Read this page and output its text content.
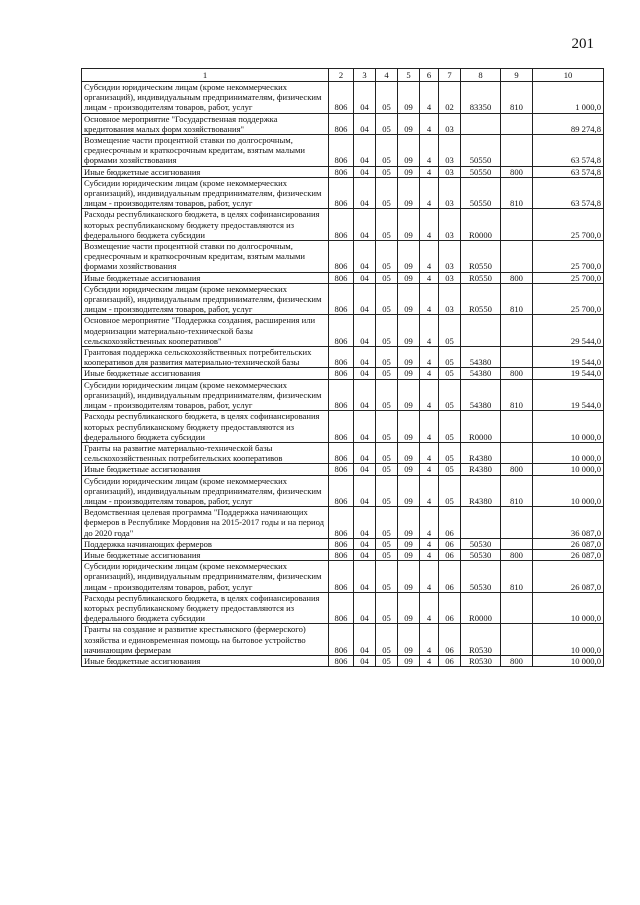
201
1	2	3	4	5	6	7	8	9	10
Субсидии юридическим лицам (кроме некоммерческих организаций), индивидуальным предпринимателям, физическим лицам - производителям товаров, работ, услуг	806	04	05	09	4	02	83350	810	1 000,0
Основное мероприятие "Государственная поддержка кредитования малых форм хозяйствования"	806	04	05	09	4	03			89 274,8
Возмещение части процентной ставки по долгосрочным, среднесрочным и краткосрочным кредитам, взятым малыми формами хозяйствования	806	04	05	09	4	03	50550		63 574,8
Иные бюджетные ассигнования	806	04	05	09	4	03	50550	800	63 574,8
Субсидии юридическим лицам (кроме некоммерческих организаций), индивидуальным предпринимателям, физическим лицам - производителям товаров, работ, услуг	806	04	05	09	4	03	50550	810	63 574,8
Расходы республиканского бюджета, в целях софинансирования которых республиканскому бюджету предоставляются из федерального бюджета субсидии	806	04	05	09	4	03	R0000		25 700,0
Возмещение части процентной ставки по долгосрочным, среднесрочным и краткосрочным кредитам, взятым малыми формами хозяйствования	806	04	05	09	4	03	R0550		25 700,0
Иные бюджетные ассигнования	806	04	05	09	4	03	R0550	800	25 700,0
Субсидии юридическим лицам (кроме некоммерческих организаций), индивидуальным предпринимателям, физическим лицам - производителям товаров, работ, услуг	806	04	05	09	4	03	R0550	810	25 700,0
Основное мероприятие "Поддержка создания, расширения или модернизации материально-технической базы сельскохозяйственных кооперативов"	806	04	05	09	4	05			29 544,0
Грантовая поддержка сельскохозяйственных потребительских кооперативов для развития материально-технической базы	806	04	05	09	4	05	54380		19 544,0
Иные бюджетные ассигнования	806	04	05	09	4	05	54380	800	19 544,0
Субсидии юридическим лицам (кроме некоммерческих организаций), индивидуальным предпринимателям, физическим лицам - производителям товаров, работ, услуг	806	04	05	09	4	05	54380	810	19 544,0
Расходы республиканского бюджета, в целях софинансирования которых республиканскому бюджету предоставляются из федерального бюджета субсидии	806	04	05	09	4	05	R0000		10 000,0
Гранты на развитие материально-технической базы сельскохозяйственных потребительских кооперативов	806	04	05	09	4	05	R4380		10 000,0
Иные бюджетные ассигнования	806	04	05	09	4	05	R4380	800	10 000,0
Субсидии юридическим лицам (кроме некоммерческих организаций), индивидуальным предпринимателям, физическим лицам - производителям товаров, работ, услуг	806	04	05	09	4	05	R4380	810	10 000,0
Ведомственная целевая программа "Поддержка начинающих фермеров в Республике Мордовия на 2015-2017 годы и на период до 2020 года"	806	04	05	09	4	06			36 087,0
Поддержка начинающих фермеров	806	04	05	09	4	06	50530		26 087,0
Иные бюджетные ассигнования	806	04	05	09	4	06	50530	800	26 087,0
Субсидии юридическим лицам (кроме некоммерческих организаций), индивидуальным предпринимателям, физическим лицам - производителям товаров, работ, услуг	806	04	05	09	4	06	50530	810	26 087,0
Расходы республиканского бюджета, в целях софинансирования которых республиканскому бюджету предоставляются из федерального бюджета субсидии	806	04	05	09	4	06	R0000		10 000,0
Гранты на создание и развитие крестьянского (фермерского) хозяйства и единовременная помощь на бытовое устройство начинающим фермерам	806	04	05	09	4	06	R0530		10 000,0
Иные бюджетные ассигнования	806	04	05	09	4	06	R0530	800	10 000,0
